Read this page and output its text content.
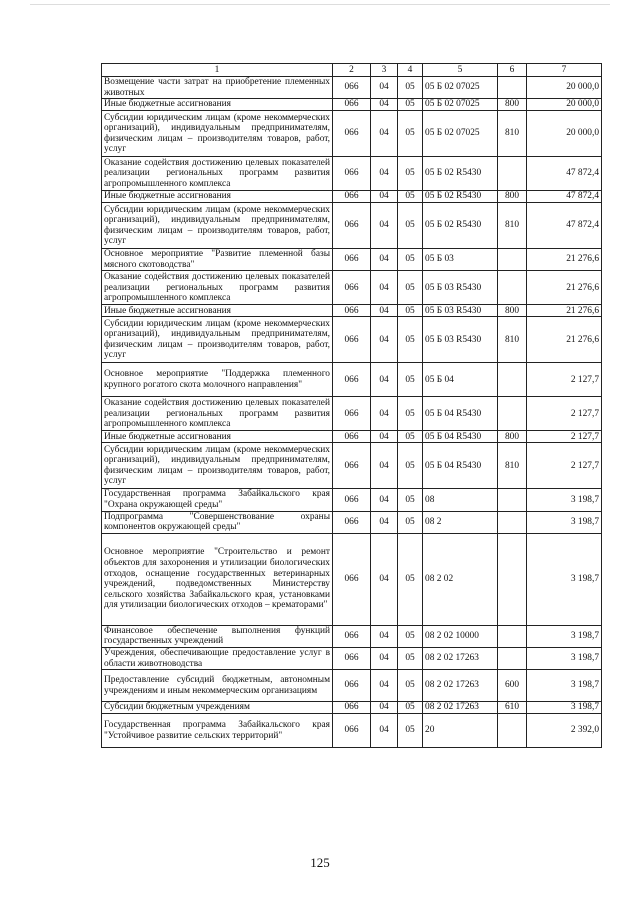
1	2	3	4	5	6	7
Возмещение части затрат на приобретение племенных животных	066	04	05	05 Б 02 07025		20 000,0
Иные бюджетные ассигнования	066	04	05	05 Б 02 07025	800	20 000,0
Субсидии юридическим лицам (кроме некоммерческих организаций), индивидуальным предпринимателям, физическим лицам – производителям товаров, работ, услуг	066	04	05	05 Б 02 07025	810	20 000,0
Оказание содействия достижению целевых показателей реализации региональных программ развития агропромышленного комплекса	066	04	05	05 Б 02 R5430		47 872,4
Иные бюджетные ассигнования	066	04	05	05 Б 02 R5430	800	47 872,4
Субсидии юридическим лицам (кроме некоммерческих организаций), индивидуальным предпринимателям, физическим лицам – производителям товаров, работ, услуг	066	04	05	05 Б 02 R5430	810	47 872,4
Основное мероприятие "Развитие племенной базы мясного скотоводства"	066	04	05	05 Б 03		21 276,6
Оказание содействия достижению целевых показателей реализации региональных программ развития агропромышленного комплекса	066	04	05	05 Б 03 R5430		21 276,6
Иные бюджетные ассигнования	066	04	05	05 Б 03 R5430	800	21 276,6
Субсидии юридическим лицам (кроме некоммерческих организаций), индивидуальным предпринимателям, физическим лицам – производителям товаров, работ, услуг	066	04	05	05 Б 03 R5430	810	21 276,6
Основное мероприятие "Поддержка племенного крупного рогатого скота молочного направления"	066	04	05	05 Б 04		2 127,7
Оказание содействия достижению целевых показателей реализации региональных программ развития агропромышленного комплекса	066	04	05	05 Б 04 R5430		2 127,7
Иные бюджетные ассигнования	066	04	05	05 Б 04 R5430	800	2 127,7
Субсидии юридическим лицам (кроме некоммерческих организаций), индивидуальным предпринимателям, физическим лицам – производителям товаров, работ, услуг	066	04	05	05 Б 04 R5430	810	2 127,7
Государственная программа Забайкальского края "Охрана окружающей среды"	066	04	05	08		3 198,7
Подпрограмма "Совершенствование охраны компонентов окружающей среды"	066	04	05	08 2		3 198,7
Основное мероприятие "Строительство и ремонт объектов для захоронения и утилизации биологических отходов, оснащение государственных ветеринарных учреждений, подведомственных Министерству сельского хозяйства Забайкальского края, установками для утилизации биологических отходов – крематорами"	066	04	05	08 2 02		3 198,7
Финансовое обеспечение выполнения функций государственных учреждений	066	04	05	08 2 02 10000		3 198,7
Учреждения, обеспечивающие предоставление услуг в области животноводства	066	04	05	08 2 02 17263		3 198,7
Предоставление субсидий бюджетным, автономным учреждениям и иным некоммерческим организациям	066	04	05	08 2 02 17263	600	3 198,7
Субсидии бюджетным учреждениям	066	04	05	08 2 02 17263	610	3 198,7
Государственная программа Забайкальского края "Устойчивое развитие сельских территорий"	066	04	05	20		2 392,0
125
